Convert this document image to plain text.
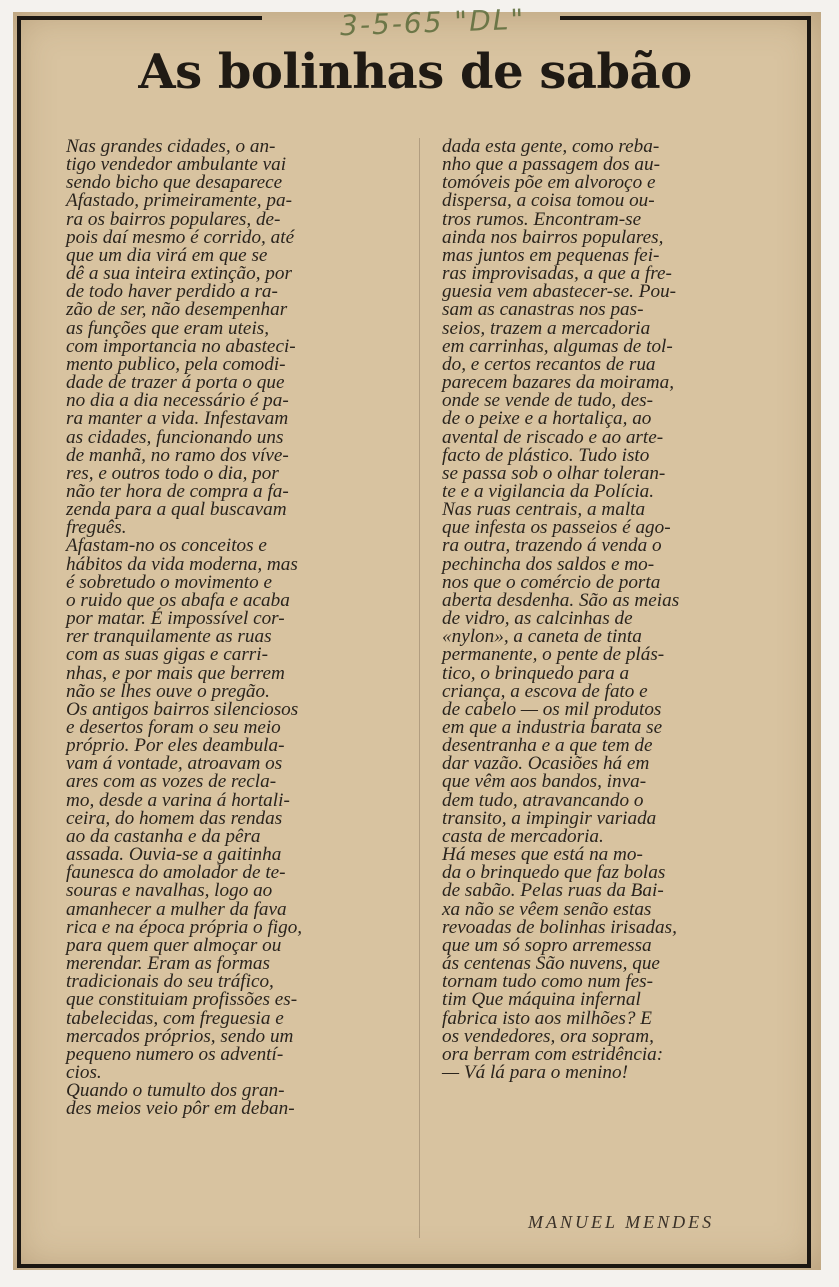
3-5-65 "DL"
As bolinhas de sabão
Nas grandes cidades, o an-
tigo vendedor ambulante vai
sendo bicho que desaparece
Afastado, primeiramente, pa-
ra os bairros populares, de-
pois daí mesmo é corrido, até
que um dia virá em que se
dê a sua inteira extinção, por
de todo haver perdido a ra-
zão de ser, não desempenhar
as funções que eram uteis,
com importancia no abasteci-
mento publico, pela comodi-
dade de trazer á porta o que
no dia a dia necessário é pa-
ra manter a vida. Infestavam
as cidades, funcionando uns
de manhã, no ramo dos víve-
res, e outros todo o dia, por
não ter hora de compra a fa-
zenda para a qual buscavam
freguês.
Afastam-no os conceitos e
hábitos da vida moderna, mas
é sobretudo o movimento e
o ruido que os abafa e acaba
por matar. É impossível cor-
rer tranquilamente as ruas
com as suas gigas e carri-
nhas, e por mais que berrem
não se lhes ouve o pregão.
Os antigos bairros silenciosos
e desertos foram o seu meio
próprio. Por eles deambula-
vam á vontade, atroavam os
ares com as vozes de recla-
mo, desde a varina á hortali-
ceira, do homem das rendas
ao da castanha e da pêra
assada. Ouvia-se a gaitinha
faunesca do amolador de te-
souras e navalhas, logo ao
amanhecer a mulher da fava
rica e na época própria o figo,
para quem quer almoçar ou
merendar. Eram as formas
tradicionais do seu tráfico,
que constituiam profissões es-
tabelecidas, com freguesia e
mercados próprios, sendo um
pequeno numero os adventí-
cios.
Quando o tumulto dos gran-
des meios veio pôr em deban-
dada esta gente, como reba-
nho que a passagem dos au-
tomóveis põe em alvoroço e
dispersa, a coisa tomou ou-
tros rumos. Encontram-se
ainda nos bairros populares,
mas juntos em pequenas fei-
ras improvisadas, a que a fre-
guesia vem abastecer-se. Pou-
sam as canastras nos pas-
seios, trazem a mercadoria
em carrinhas, algumas de tol-
do, e certos recantos de rua
parecem bazares da moirama,
onde se vende de tudo, des-
de o peixe e a hortaliça, ao
avental de riscado e ao arte-
facto de plástico. Tudo isto
se passa sob o olhar toleran-
te e a vigilancia da Polícia.
Nas ruas centrais, a malta
que infesta os passeios é ago-
ra outra, trazendo á venda o
pechincha dos saldos e mo-
nos que o comércio de porta
aberta desdenha. São as meias
de vidro, as calcinhas de
«nylon», a caneta de tinta
permanente, o pente de plás-
tico, o brinquedo para a
criança, a escova de fato e
de cabelo — os mil produtos
em que a industria barata se
desentranha e a que tem de
dar vazão. Ocasiões há em
que vêm aos bandos, inva-
dem tudo, atravancando o
transito, a impingir variada
casta de mercadoria.
Há meses que está na mo-
da o brinquedo que faz bolas
de sabão. Pelas ruas da Bai-
xa não se vêem senão estas
revoadas de bolinhas irisadas,
que um só sopro arremessa
ás centenas São nuvens, que
tornam tudo como num fes-
tim Que máquina infernal
fabrica isto aos milhões? E
os vendedores, ora sopram,
ora berram com estridência:
— Vá lá para o menino!
MANUEL MENDES
